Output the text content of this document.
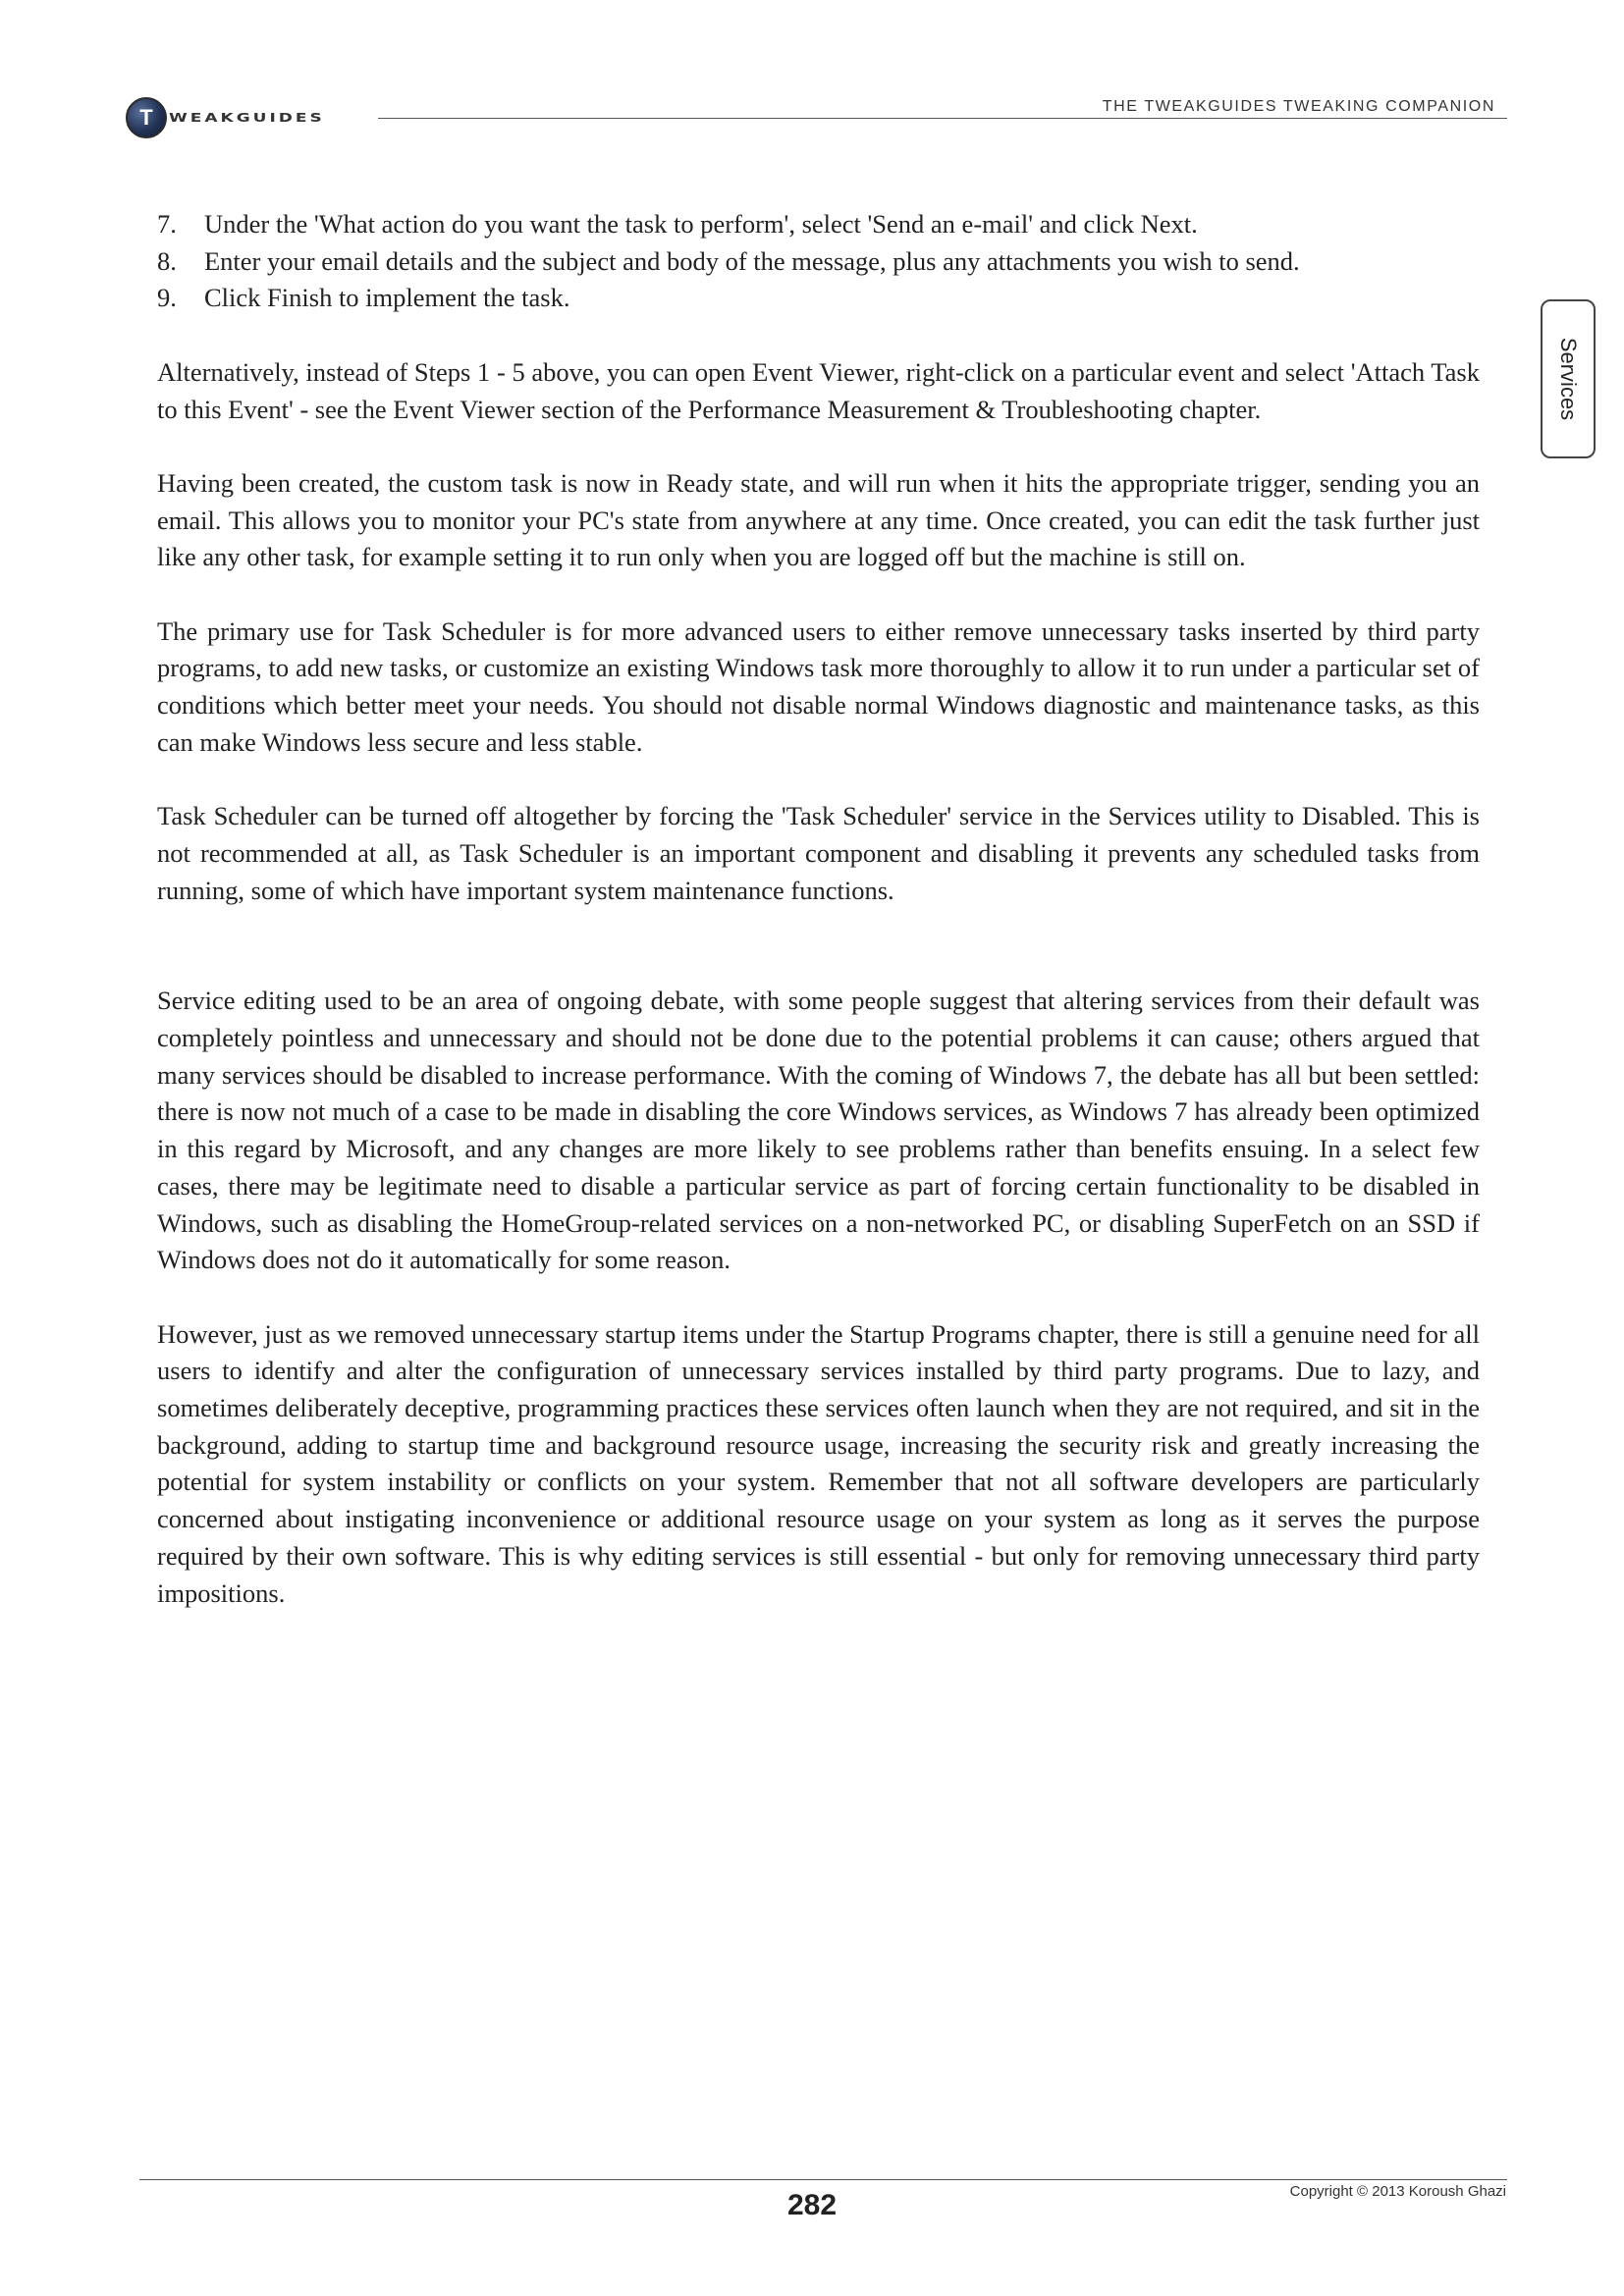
T WEAKGUIDES
THE TWEAKGUIDES TWEAKING COMPANION
Services
7. Under the 'What action do you want the task to perform', select 'Send an e-mail' and click Next.
8. Enter your email details and the subject and body of the message, plus any attachments you wish to send.
9. Click Finish to implement the task.

Alternatively, instead of Steps 1 - 5 above, you can open Event Viewer, right-click on a particular event and select 'Attach Task to this Event' - see the Event Viewer section of the Performance Measurement & Troubleshooting chapter.

Having been created, the custom task is now in Ready state, and will run when it hits the appropriate trigger, sending you an email. This allows you to monitor your PC's state from anywhere at any time. Once created, you can edit the task further just like any other task, for example setting it to run only when you are logged off but the machine is still on.

The primary use for Task Scheduler is for more advanced users to either remove unnecessary tasks inserted by third party programs, to add new tasks, or customize an existing Windows task more thoroughly to allow it to run under a particular set of conditions which better meet your needs. You should not disable normal Windows diagnostic and maintenance tasks, as this can make Windows less secure and less stable.

Task Scheduler can be turned off altogether by forcing the 'Task Scheduler' service in the Services utility to Disabled. This is not recommended at all, as Task Scheduler is an important component and disabling it prevents any scheduled tasks from running, some of which have important system maintenance functions.

Service editing used to be an area of ongoing debate, with some people suggest that altering services from their default was completely pointless and unnecessary and should not be done due to the potential problems it can cause; others argued that many services should be disabled to increase performance. With the coming of Windows 7, the debate has all but been settled: there is now not much of a case to be made in disabling the core Windows services, as Windows 7 has already been optimized in this regard by Microsoft, and any changes are more likely to see problems rather than benefits ensuing. In a select few cases, there may be legitimate need to disable a particular service as part of forcing certain functionality to be disabled in Windows, such as disabling the HomeGroup-related services on a non-networked PC, or disabling SuperFetch on an SSD if Windows does not do it automatically for some reason.

However, just as we removed unnecessary startup items under the Startup Programs chapter, there is still a genuine need for all users to identify and alter the configuration of unnecessary services installed by third party programs. Due to lazy, and sometimes deliberately deceptive, programming practices these services often launch when they are not required, and sit in the background, adding to startup time and background resource usage, increasing the security risk and greatly increasing the potential for system instability or conflicts on your system. Remember that not all software developers are particularly concerned about instigating inconvenience or additional resource usage on your system as long as it serves the purpose required by their own software. This is why editing services is still essential - but only for removing unnecessary third party impositions.

Copyright © 2013 Koroush Ghazi
282
